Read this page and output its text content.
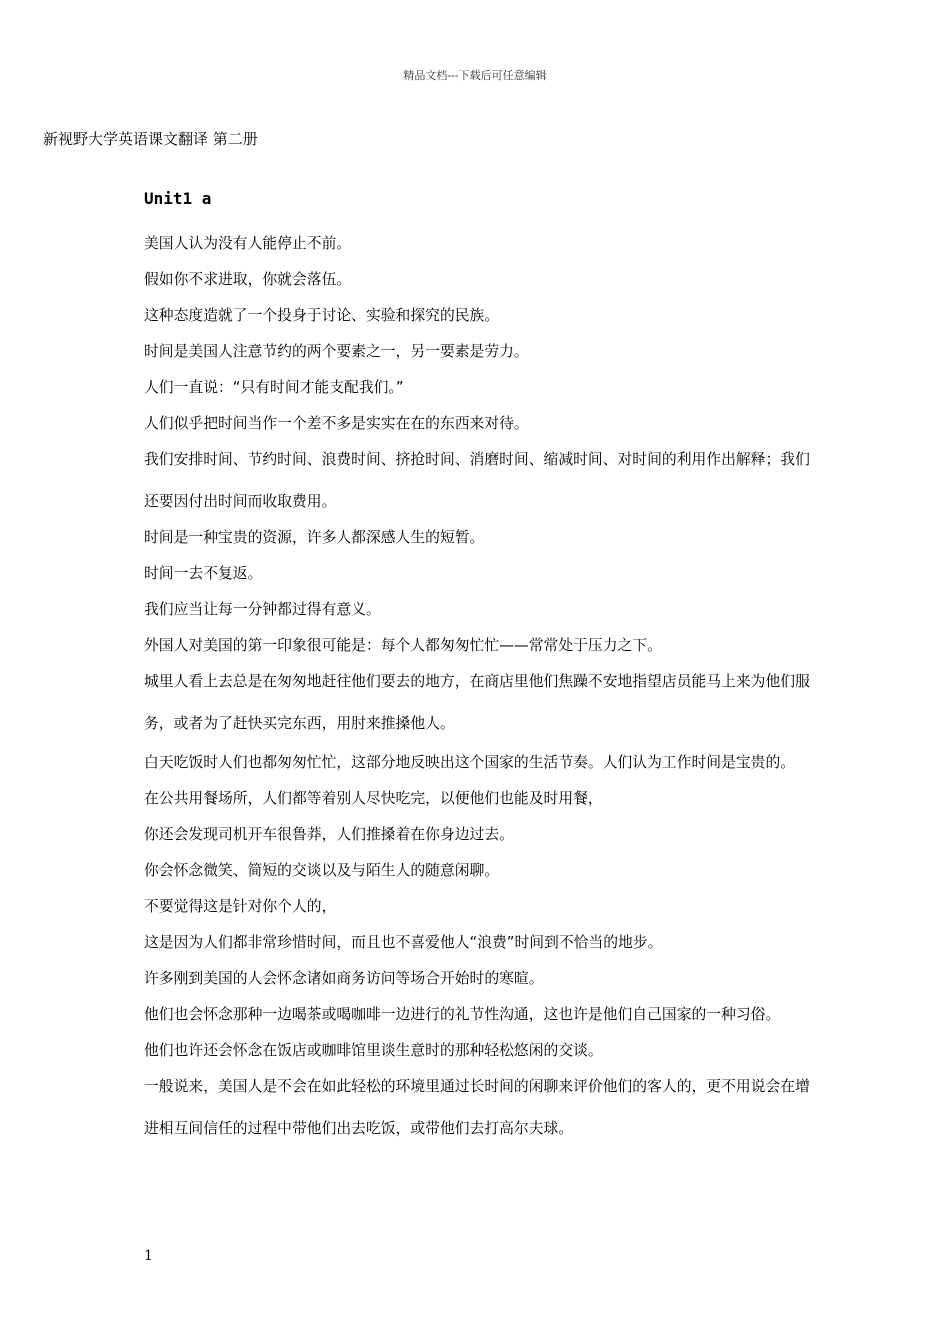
精品文档---下载后可任意编辑
新视野大学英语课文翻译 第二册
Unit1 a

美国人认为没有人能停止不前。

假如你不求进取，你就会落伍。

这种态度造就了一个投身于讨论、实验和探究的民族。

时间是美国人注意节约的两个要素之一，另一要素是劳力。

人们一直说：“只有时间才能支配我们。”

人们似乎把时间当作一个差不多是实实在在的东西来对待。

我们安排时间、节约时间、浪费时间、挤抢时间、消磨时间、缩减时间、对时间的利用作出解释；我们还要因付出时间而收取费用。

时间是一种宝贵的资源，许多人都深感人生的短暂。

时间一去不复返。

我们应当让每一分钟都过得有意义。

外国人对美国的第一印象很可能是：每个人都匆匆忙忙——常常处于压力之下。

城里人看上去总是在匆匆地赶往他们要去的地方，在商店里他们焦躁不安地指望店员能马上来为他们服务，或者为了赶快买完东西，用肘来推搡他人。

白天吃饭时人们也都匆匆忙忙，这部分地反映出这个国家的生活节奏。人们认为工作时间是宝贵的。

在公共用餐场所，人们都等着别人尽快吃完，以便他们也能及时用餐，

你还会发现司机开车很鲁莽，人们推搡着在你身边过去。

你会怀念微笑、简短的交谈以及与陌生人的随意闲聊。

不要觉得这是针对你个人的，

这是因为人们都非常珍惜时间，而且也不喜爱他人“浪费”时间到不恰当的地步。

许多刚到美国的人会怀念诸如商务访问等场合开始时的寒暄。

他们也会怀念那种一边喝茶或喝咖啡一边进行的礼节性沟通，这也许是他们自己国家的一种习俗。

他们也许还会怀念在饭店或咖啡馆里谈生意时的那种轻松悠闲的交谈。

一般说来，美国人是不会在如此轻松的环境里通过长时间的闲聊来评价他们的客人的，更不用说会在增进相互间信任的过程中带他们出去吃饭，或带他们去打高尔夫球。

1
